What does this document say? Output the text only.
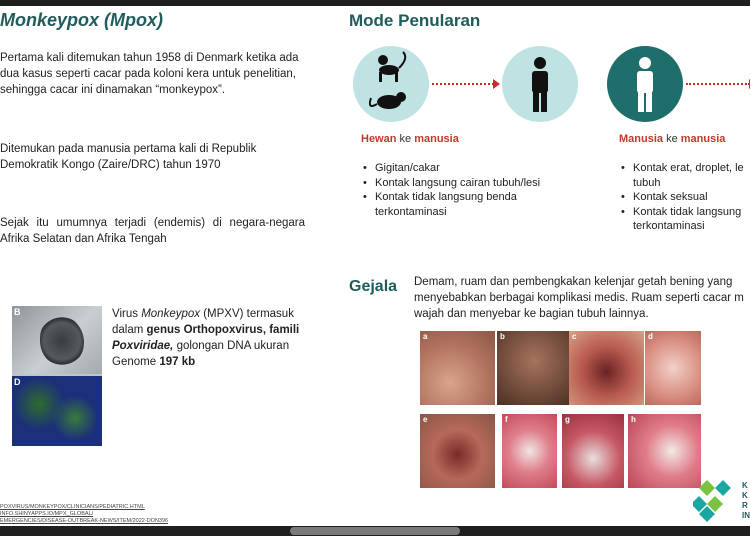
Monkeypox (Mpox)
Pertama kali ditemukan tahun 1958 di Denmark ketika ada dua kasus seperti cacar pada koloni kera untuk penelitian, sehingga cacar ini dinamakan “monkeypox”.
Ditemukan pada manusia pertama kali di Republik Demokratik Kongo (Zaire/DRC) tahun 1970
Sejak itu umumnya terjadi (endemis) di negara-negara Afrika Selatan dan Afrika Tengah
B
D
Virus Monkeypox (MPXV) termasuk dalam genus Orthopoxvirus, famili Poxviridae, golongan DNA ukuran Genome 197 kb
POXVIRUS/MONKEYPOX/CLINICIANS/PEDIATRIC.HTML
INFO.SHINYAPPS.IO/MPX_GLOBAL/
EMERGENCIES/DISEASE-OUTBREAK-NEWS/ITEM/2022-DON396
Mode Penularan
Hewan ke manusia	Manusia ke manusia
• Gigitan/cakar
• Kontak langsung cairan tubuh/lesi
• Kontak tidak langsung benda terkontaminasi
• Kontak erat, droplet, le tubuh
• Kontak seksual
• Kontak tidak langsung terkontaminasi
Gejala Demam, ruam dan pembengkakan kelenjar getah bening yang menyebabkan berbagai komplikasi medis. Ruam seperti cacar m wajah dan menyebar ke bagian tubuh lainnya.
a	b	c	d
e	f	g	h
K K R IN
